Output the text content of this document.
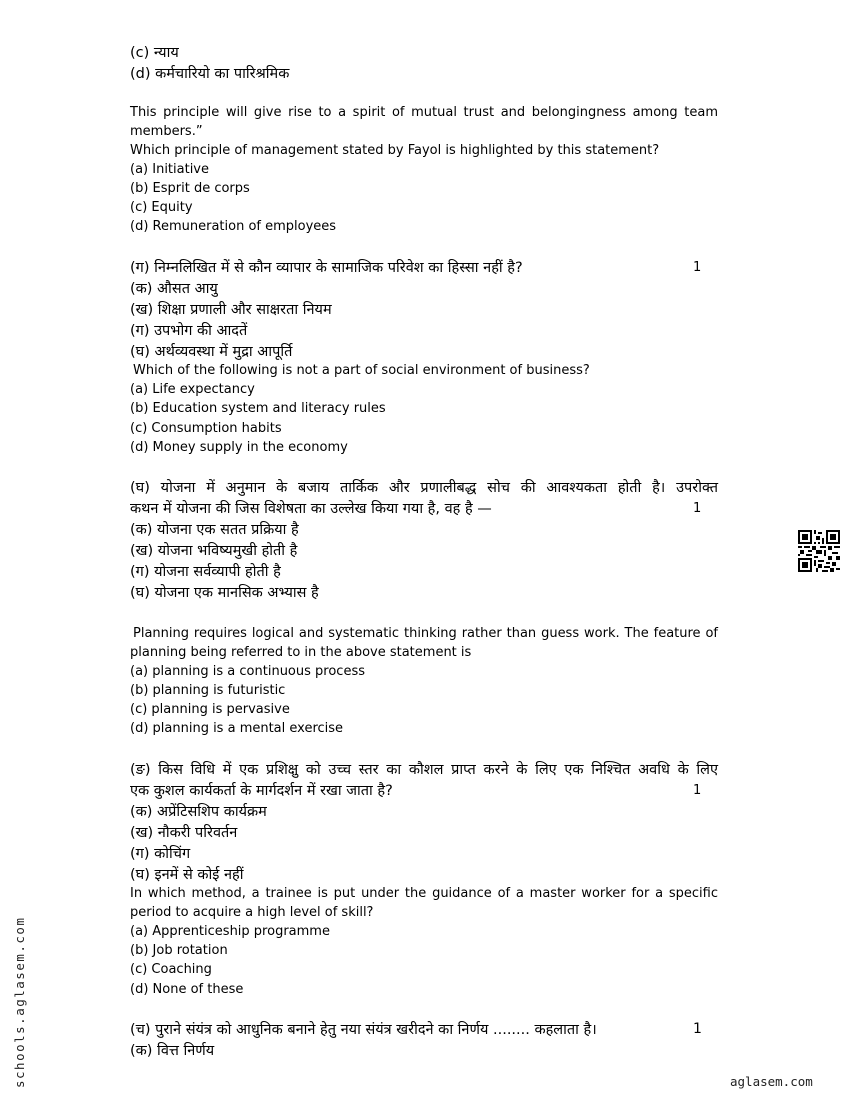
(c) न्याय
(d) कर्मचारियो का पारिश्रमिक
This principle will give rise to a spirit of mutual trust and belongingness among team
members.”
Which principle of management stated by Fayol is highlighted by this statement?
(a) Initiative
(b) Esprit de corps
(c) Equity
(d) Remuneration of employees
(ग) निम्नलिखित में से कौन व्यापार के सामाजिक परिवेश का हिस्सा नहीं है?	1
(क) औसत आयु
(ख) शिक्षा प्रणाली और साक्षरता नियम
(ग) उपभोग की आदतें
(घ) अर्थव्यवस्था में मुद्रा आपूर्ति
Which of the following is not a part of social environment of business?
(a) Life expectancy
(b) Education system and literacy rules
(c) Consumption habits
(d) Money supply in the economy
(घ) योजना में अनुमान के बजाय तार्किक और प्रणालीबद्ध सोच की आवश्यकता होती है। उपरोक्त
कथन में योजना की जिस विशेषता का उल्लेख किया गया है, वह है —	1
(क) योजना एक सतत प्रक्रिया है
(ख) योजना भविष्यमुखी होती है
(ग) योजना सर्वव्यापी होती है
(घ) योजना एक मानसिक अभ्यास है
Planning requires logical and systematic thinking rather than guess work. The feature of
planning being referred to in the above statement is
(a) planning is a continuous process
(b) planning is futuristic
(c) planning is pervasive
(d) planning is a mental exercise
(ङ) किस विधि में एक प्रशिक्षु को उच्च स्तर का कौशल प्राप्त करने के लिए एक निश्चित अवधि के लिए
एक कुशल कार्यकर्ता के मार्गदर्शन में रखा जाता है?	1
(क) अप्रेंटिसशिप कार्यक्रम
(ख) नौकरी परिवर्तन
(ग) कोचिंग
(घ) इनमें से कोई नहीं
In which method, a trainee is put under the guidance of a master worker for a specific
period to acquire a high level of skill?
(a) Apprenticeship programme
(b) Job rotation
(c) Coaching
(d) None of these
(च) पुराने संयंत्र को आधुनिक बनाने हेतु नया संयंत्र खरीदने का निर्णय ........ कहलाता है।	1
(क) वित्त निर्णय
schools.aglasem.com	aglasem.com
